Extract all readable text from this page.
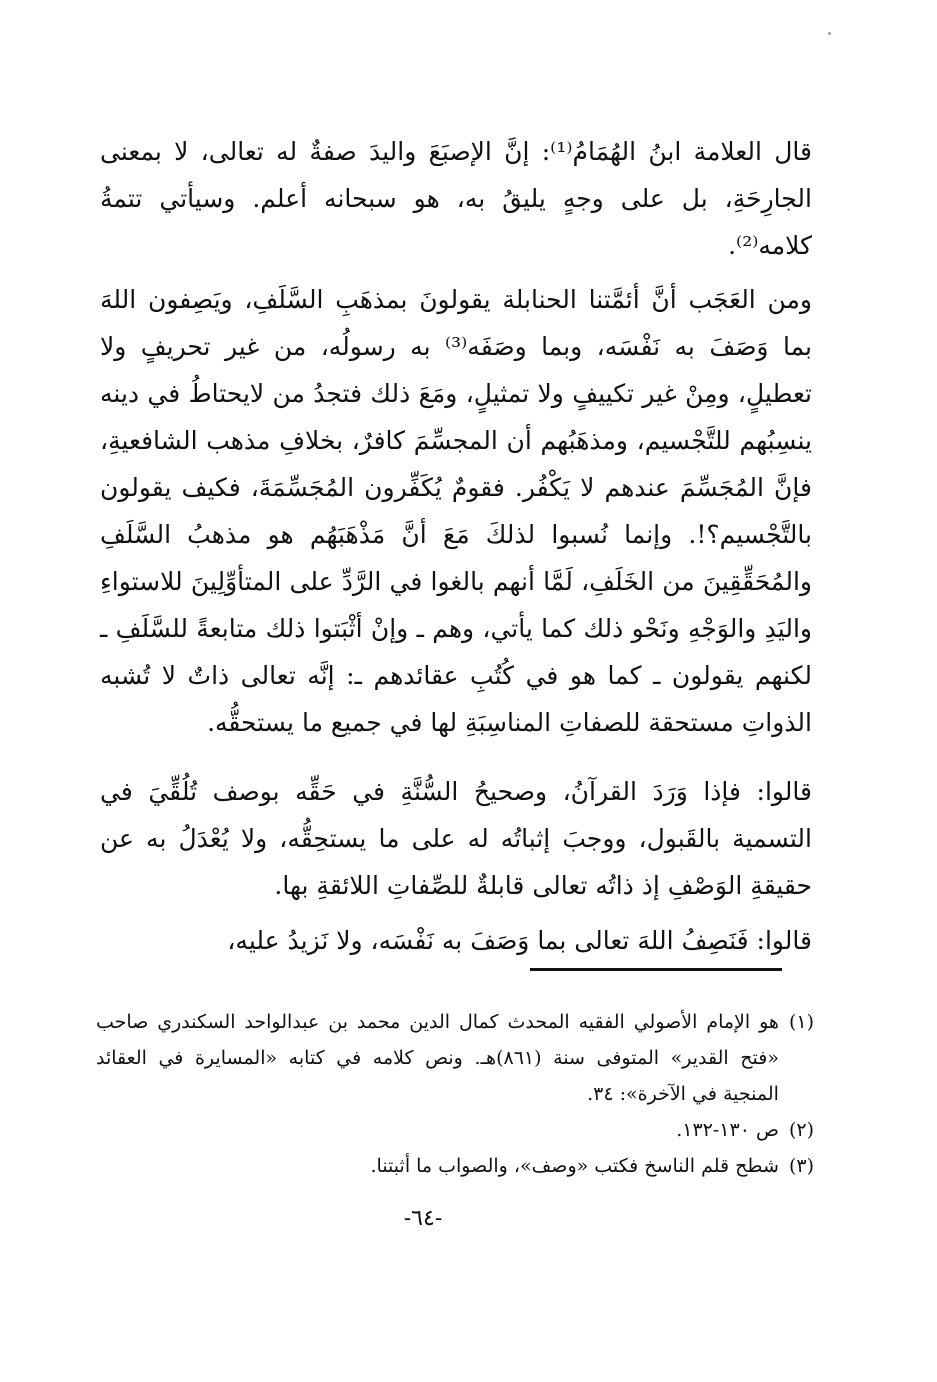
قال العلامة ابنُ الهُمَامُ⁽¹⁾: إنَّ الإصبَعَ واليدَ صفةٌ له تعالى، لا بمعنى الجارِحَةِ، بل على وجهٍ يليقُ به، هو سبحانه أعلم. وسيأتي تتمةُ كلامه⁽²⁾.

ومن العَجَب أنَّ أئمَّتنا الحنابلة يقولونَ بمذهَبِ السَّلَفِ، ويَصِفون اللهَ بما وَصَفَ به نَفْسَه، وبما وصَفَه⁽³⁾ به رسولُه، من غير تحريفٍ ولا تعطيلٍ، ومِنْ غير تكييفٍ ولا تمثيلٍ، ومَعَ ذلك فتجدُ من لايحتاطُ في دينه ينسِبُهم للتَّجْسيم، ومذهَبُهم أن المجسِّمَ كافرٌ، بخلافِ مذهب الشافعيةِ، فإنَّ المُجَسِّمَ عندهم لا يَكْفُر. فقومٌ يُكَفِّرون المُجَسِّمَةَ، فكيف يقولون بالتَّجْسيم؟!. وإنما نُسبوا لذلكَ مَعَ أنَّ مَذْهَبَهُم هو مذهبُ السَّلَفِ والمُحَقِّقِينَ من الخَلَفِ، لَمَّا أنهم بالغوا في الرَّدِّ على المتأوِّلِينَ للاستواءِ واليَدِ والوَجْهِ ونَحْو ذلك كما يأتي، وهم ـ وإنْ أثْبَتوا ذلك متابعةً للسَّلَفِ ـ لكنهم يقولون ـ كما هو في كُتُبِ عقائدهم ـ: إنَّه تعالى ذاتٌ لا تُشبه الذواتِ مستحقة للصفاتِ المناسِبَةِ لها في جميع ما يستحقُّه.

قالوا: فإذا وَرَدَ القرآنُ، وصحيحُ السُّنَّةِ في حَقِّه بوصف تُلُقِّيَ في التسمية بالقَبول، ووجبَ إثباتُه له على ما يستحِقُّه، ولا يُعْدَلُ به عن حقيقةِ الوَصْفِ إذ ذاتُه تعالى قابلةٌ للصِّفاتِ اللائقةِ بها.

قالوا: فَنَصِفُ اللهَ تعالى بما وَصَفَ به نَفْسَه، ولا نَزيدُ عليه،

(١)
هو الإمام الأصولي الفقيه المحدث كمال الدين محمد بن عبدالواحد السكندري صاحب «فتح القدير» المتوفى سنة (٨٦١)هـ. ونص كلامه في كتابه «المسايرة في العقائد المنجية في الآخرة»: ٣٤.
(٢)
ص ١٣٠-١٣٢.
(٣)
شطح قلم الناسخ فكتب «وصف»، والصواب ما أثبتنا.
-٦٤-
